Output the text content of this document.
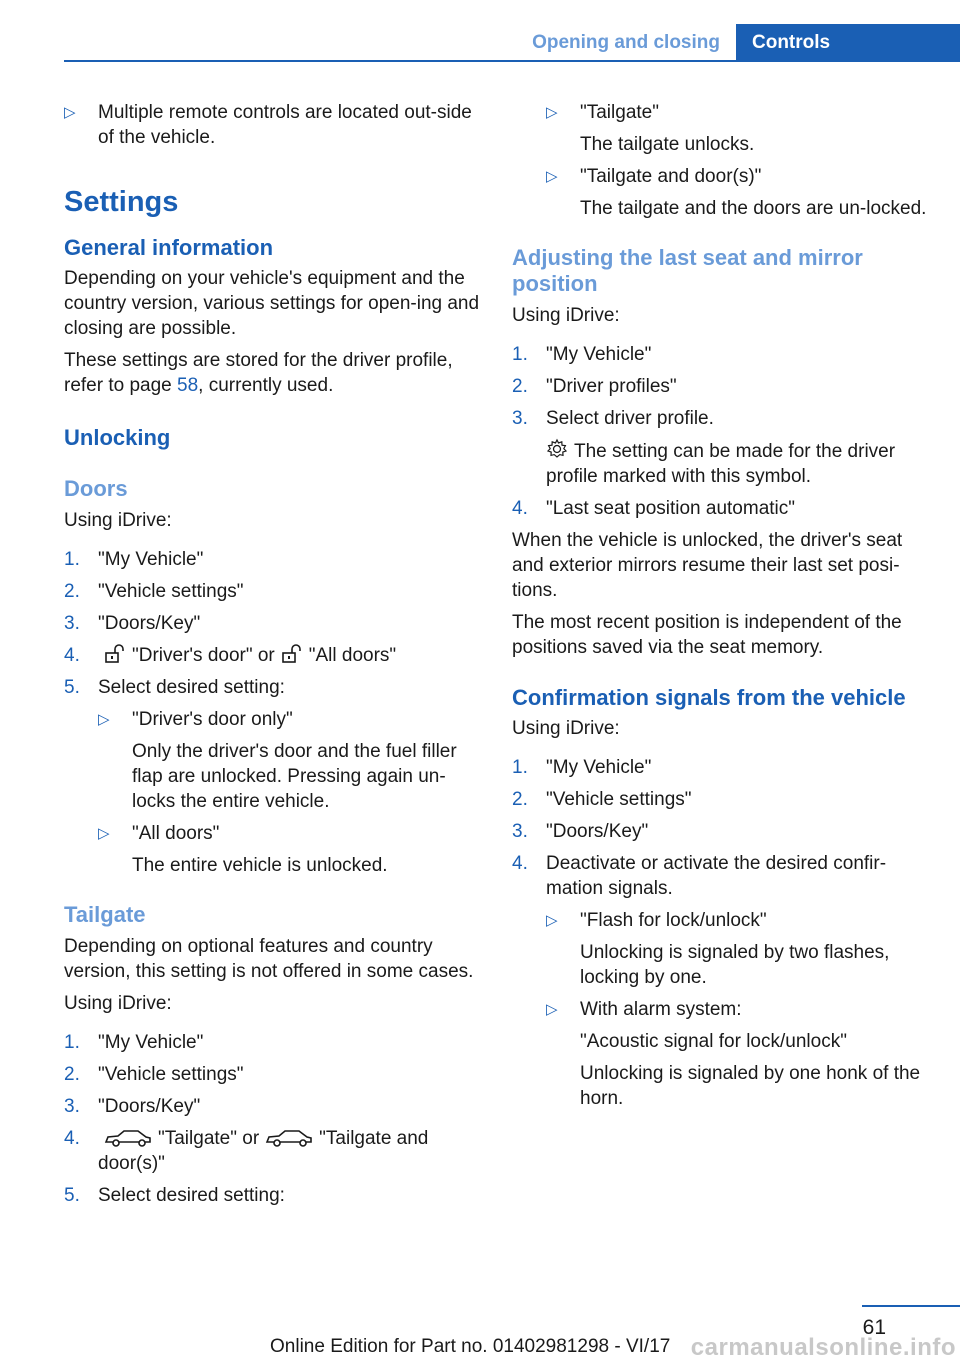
Opening and closing	Controls
▷ Multiple remote controls are located out-side of the vehicle.
Settings
General information

Depending on your vehicle's equipment and the country version, various settings for open-ing and closing are possible.

These settings are stored for the driver profile, refer to page 58, currently used.

Unlocking
Doors

Using iDrive:

1. "My Vehicle"
2. "Vehicle settings"
3. "Doors/Key"
4.	"Driver's door" or "All doors"
5. Select desired setting:
▷ "Driver's door only"
Only the driver's door and the fuel filler flap are unlocked. Pressing again un-locks the entire vehicle.
▷ "All doors"
The entire vehicle is unlocked.
Tailgate

Depending on optional features and country version, this setting is not offered in some cases.

Using iDrive:

1. "My Vehicle"
2. "Vehicle settings"
3. "Doors/Key"
4.	"Tailgate" or	"Tailgate and door(s)"
5. Select desired setting:
▷ "Tailgate"
The tailgate unlocks.
▷ "Tailgate and door(s)"
The tailgate and the doors are un-locked.
Adjusting the last seat and mirror position

Using iDrive:

1. "My Vehicle"
2. "Driver profiles"
3. Select driver profile.
The setting can be made for the driver profile marked with this symbol.
4. "Last seat position automatic"

When the vehicle is unlocked, the driver's seat and exterior mirrors resume their last set posi-tions.

The most recent position is independent of the positions saved via the seat memory.

Confirmation signals from the vehicle

Using iDrive:

1. "My Vehicle"
2. "Vehicle settings"
3. "Doors/Key"
4. Deactivate or activate the desired confir-mation signals.
▷ "Flash for lock/unlock"
Unlocking is signaled by two flashes, locking by one.
▷ With alarm system:
"Acoustic signal for lock/unlock"
Unlocking is signaled by one honk of the horn.
61
Online Edition for Part no. 01402981298 - VI/17 carmanualsonline.info
